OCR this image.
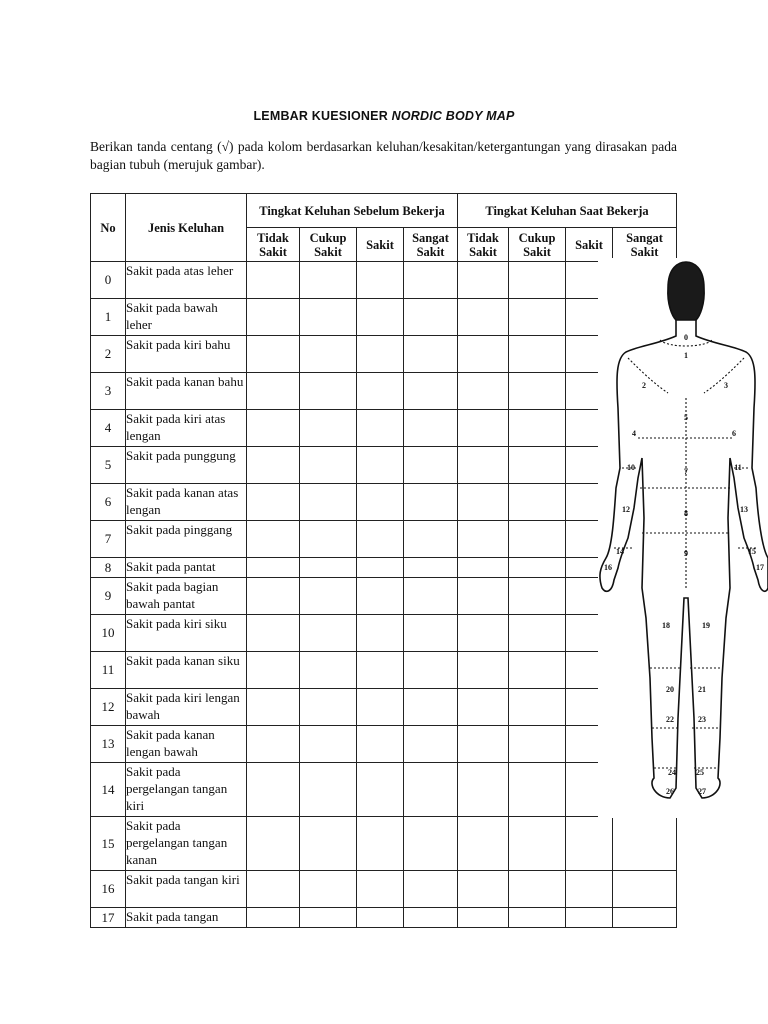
LEMBAR KUESIONER NORDIC BODY MAP
Berikan tanda centang (√) pada kolom berdasarkan keluhan/kesakitan/ketergantungan yang dirasakan pada bagian tubuh (merujuk gambar).
No	Jenis Keluhan	Tingkat Keluhan Sebelum Bekerja				Tingkat Keluhan Saat Bekerja			
		Tidak Sakit	Cukup Sakit	Sakit	Sangat Sakit	Tidak Sakit	Cukup Sakit	Sakit	Sangat Sakit
0	Sakit pada atas leher								
1	Sakit pada bawah leher								
2	Sakit pada kiri bahu								
3	Sakit pada kanan bahu								
4	Sakit pada kiri atas lengan								
5	Sakit pada punggung								
6	Sakit pada kanan atas lengan								
7	Sakit pada pinggang								
8	Sakit pada pantat								
9	Sakit pada bagian bawah pantat								
10	Sakit pada kiri siku								
11	Sakit pada kanan siku								
12	Sakit pada kiri lengan bawah								
13	Sakit pada kanan lengan bawah								
14	Sakit pada pergelangan tangan kiri								
15	Sakit pada pergelangan tangan kanan								
16	Sakit pada tangan kiri								
17	Sakit pada tangan								
0
1
2	3
4
5
6
7
8
9
10	11
12	13
14	15
16	17
18	19
20	21
22	23
24	25
26	27
